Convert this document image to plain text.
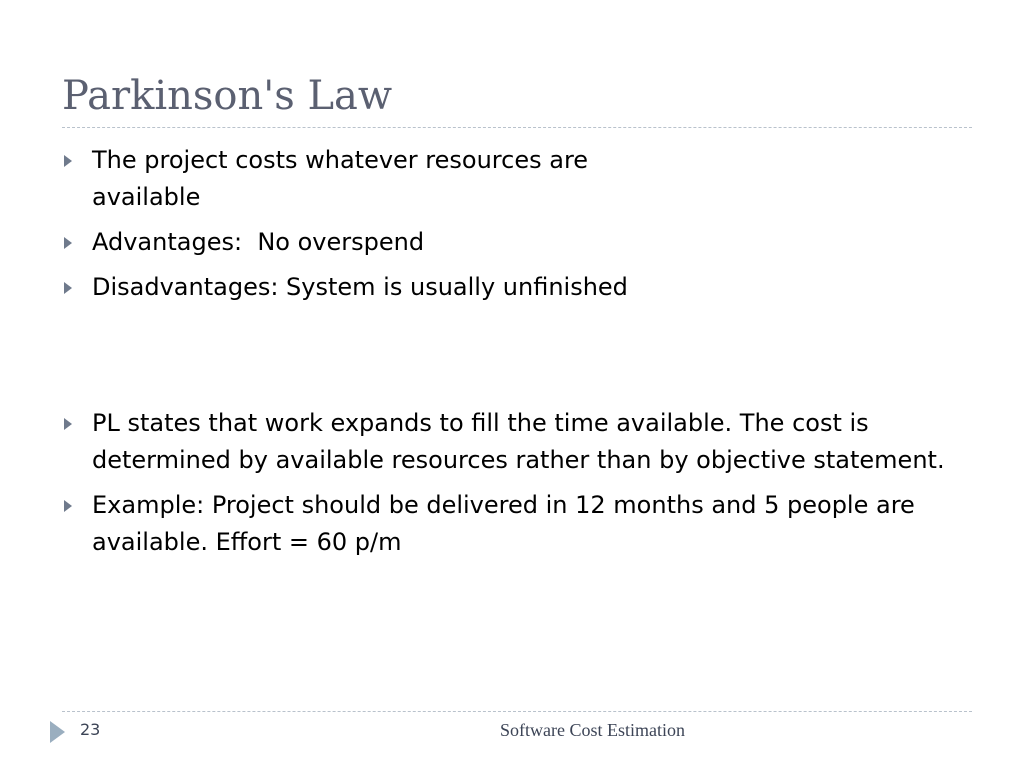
Parkinson's Law
The project costs whatever resources are available
Advantages:  No overspend
Disadvantages: System is usually unfinished
PL states that work expands to fill the time available. The cost is determined by available resources rather than by objective statement.
Example: Project should be delivered in 12 months and 5 people are available. Effort = 60 p/m
23	Software Cost Estimation
